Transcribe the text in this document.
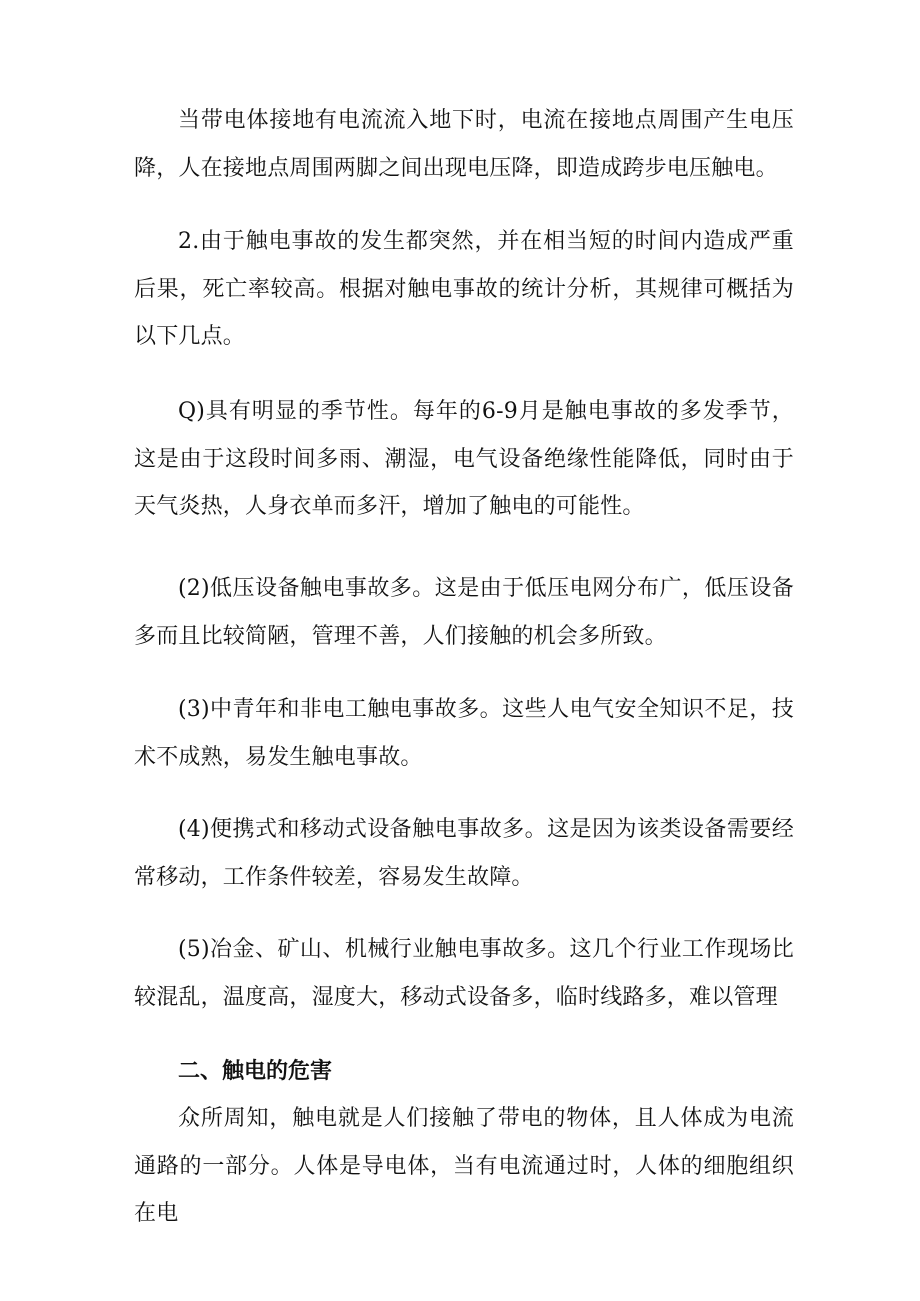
当带电体接地有电流流入地下时，电流在接地点周围产生电压降，人在接地点周围两脚之间出现电压降，即造成跨步电压触电。

2.由于触电事故的发生都突然，并在相当短的时间内造成严重后果，死亡率较高。根据对触电事故的统计分析，其规律可概括为以下几点。

Q)具有明显的季节性。每年的6-9月是触电事故的多发季节，这是由于这段时间多雨、潮湿，电气设备绝缘性能降低，同时由于天气炎热，人身衣单而多汗，增加了触电的可能性。

(2)低压设备触电事故多。这是由于低压电网分布广，低压设备多而且比较简陋，管理不善，人们接触的机会多所致。

(3)中青年和非电工触电事故多。这些人电气安全知识不足，技术不成熟，易发生触电事故。

(4)便携式和移动式设备触电事故多。这是因为该类设备需要经常移动，工作条件较差，容易发生故障。

(5)冶金、矿山、机械行业触电事故多。这几个行业工作现场比较混乱，温度高，湿度大，移动式设备多，临时线路多，难以管理

二、触电的危害

众所周知，触电就是人们接触了带电的物体，且人体成为电流通路的一部分。人体是导电体，当有电流通过时，人体的细胞组织在电
